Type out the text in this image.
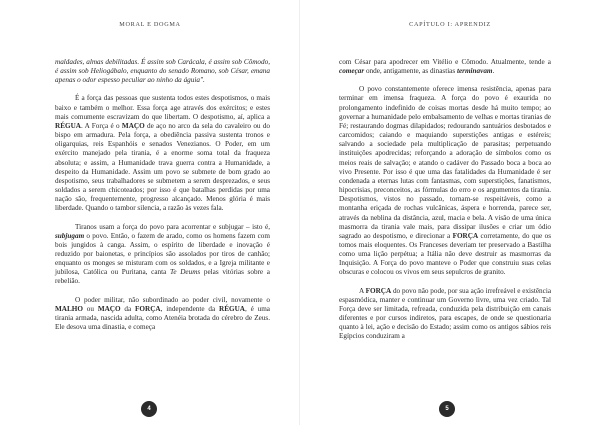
MORAL E DOGMA

maldades, almas debilitadas. É assim sob Carácala, é assim sob Cômodo, é assim sob Heliogábalo, enquanto do senado Romano, sob César, emana apenas o odor espesso peculiar ao ninho da águia".

É a força das pessoas que sustenta todos estes despotismos, o mais baixo e também o melhor. Essa força age através dos exércitos; e estes mais comumente escravizam do que libertam. O despotismo, aí, aplica a RÉGUA. A Força é o MAÇO de aço no arco da sela do cavaleiro ou do bispo em armadura. Pela força, a obediência passiva sustenta tronos e oligarquias, reis Espanhóis e senados Venezianos. O Poder, em um exército manejado pela tirania, é a enorme soma total da fraqueza absoluta; e assim, a Humanidade trava guerra contra a Humanidade, a despeito da Humanidade. Assim um povo se submete de bom grado ao despotismo, seus trabalhadores se submetem a serem desprezados, e seus soldados a serem chicoteados; por isso é que batalhas perdidas por uma nação são, frequentemente, progresso alcançado. Menos glória é mais liberdade. Quando o tambor silencia, a razão às vezes fala.

Tiranos usam a força do povo para acorrentar e subjugar – isto é, subjugam o povo. Então, o fazem de arado, como os homens fazem com bois jungidos à canga. Assim, o espírito de liberdade e inovação é reduzido por baionetas, e princípios são assolados por tiros de canhão; enquanto os monges se misturam com os soldados, e a Igreja militante e jubilosa, Católica ou Puritana, canta Te Deums pelas vitórias sobre a rebelião.

O poder militar, não subordinado ao poder civil, novamente o MALHO ou MAÇO da FORÇA, independente da RÉGUA, é uma tirania armada, nascida adulta, como Atenéia brotada do cérebro de Zeus. Ele desova uma dinastia, e começa

4
CAPÍTULO I: APRENDIZ

com César para apodrecer em Vitélio e Cômodo. Atualmente, tende a começar onde, antigamente, as dinastias terminavam.

O povo constantemente oferece imensa resistência, apenas para terminar em imensa fraqueza. A força do povo é exaurida no prolongamento indefinido de coisas mortas desde há muito tempo; ao governar a humanidade pelo embalsamento de velhas e mortas tiranias de Fé; restaurando dogmas dilapidados; redourando santuários desbotados e carcomidos; caiando e maquiando superstições antigas e estéreis; salvando a sociedade pela multiplicação de parasitas; perpetuando instituições apodrecidas; reforçando a adoração de símbolos como os meios reais de salvação; e atando o cadáver do Passado boca a boca ao vivo Presente. Por isso é que uma das fatalidades da Humanidade é ser condenada a eternas lutas com fantasmas, com superstições, fanatismos, hipocrisias, preconceitos, as fórmulas do erro e os argumentos da tirania. Despotismos, vistos no passado, tornam-se respeitáveis, como a montanha eriçada de rochas vulcânicas, áspera e horrenda, parece ser, através da neblina da distância, azul, macia e bela. A visão de uma única masmorra da tirania vale mais, para dissipar ilusões e criar um ódio sagrado ao despotismo, e direcionar a FORÇA corretamente, do que os tomos mais eloquentes. Os Franceses deveriam ter preservado a Bastilha como uma lição perpétua; a Itália não deve destruir as masmorras da Inquisição. A Força do povo manteve o Poder que construiu suas celas obscuras e colocou os vivos em seus sepulcros de granito.

A FORÇA do povo não pode, por sua ação irrefreável e existência espasmódica, manter e continuar um Governo livre, uma vez criado. Tal Força deve ser limitada, refreada, conduzida pela distribuição em canais diferentes e por cursos indiretos, para escapes, de onde se questionaria quanto à lei, ação e decisão do Estado; assim como os antigos sábios reis Egípcios conduziram a

5
